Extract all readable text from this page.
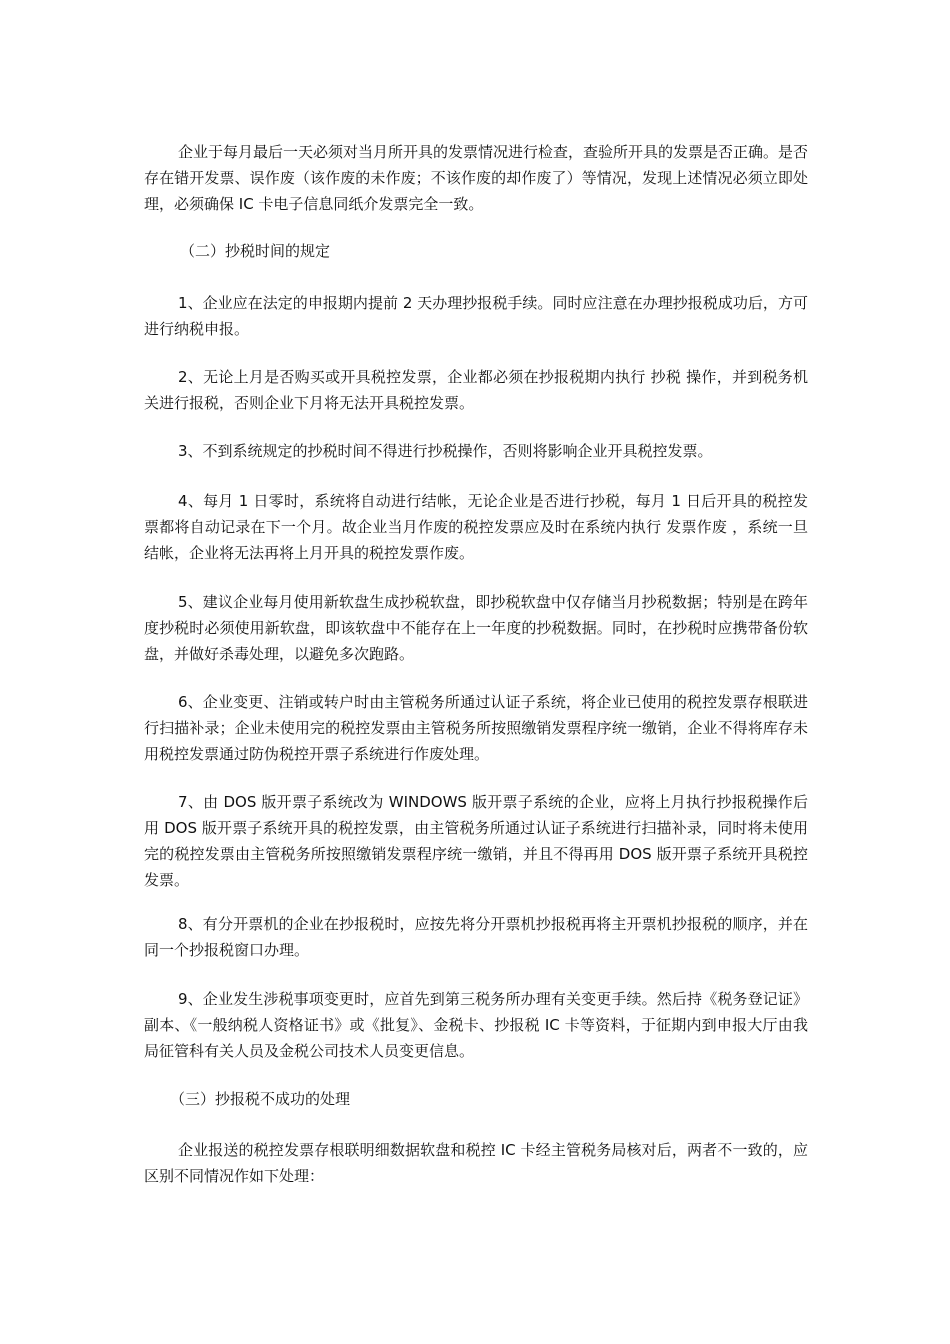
企业于每月最后一天必须对当月所开具的发票情况进行检查，查验所开具的发票是否正确。是否存在错开发票、误作废（该作废的未作废；不该作废的却作废了）等情况，发现上述情况必须立即处理，必须确保 IC 卡电子信息同纸介发票完全一致。

（二）抄税时间的规定

1、企业应在法定的申报期内提前 2 天办理抄报税手续。同时应注意在办理抄报税成功后，方可进行纳税申报。

2、无论上月是否购买或开具税控发票，企业都必须在抄报税期内执行 抄税 操作，并到税务机关进行报税，否则企业下月将无法开具税控发票。

3、不到系统规定的抄税时间不得进行抄税操作，否则将影响企业开具税控发票。

4、每月 1 日零时，系统将自动进行结帐，无论企业是否进行抄税，每月 1 日后开具的税控发票都将自动记录在下一个月。故企业当月作废的税控发票应及时在系统内执行 发票作废 ，系统一旦结帐，企业将无法再将上月开具的税控发票作废。

5、建议企业每月使用新软盘生成抄税软盘，即抄税软盘中仅存储当月抄税数据；特别是在跨年度抄税时必须使用新软盘，即该软盘中不能存在上一年度的抄税数据。同时，在抄税时应携带备份软盘，并做好杀毒处理，以避免多次跑路。

6、企业变更、注销或转户时由主管税务所通过认证子系统，将企业已使用的税控发票存根联进行扫描补录；企业未使用完的税控发票由主管税务所按照缴销发票程序统一缴销，企业不得将库存未用税控发票通过防伪税控开票子系统进行作废处理。

7、由 DOS 版开票子系统改为 WINDOWS 版开票子系统的企业，应将上月执行抄报税操作后用 DOS 版开票子系统开具的税控发票，由主管税务所通过认证子系统进行扫描补录，同时将未使用完的税控发票由主管税务所按照缴销发票程序统一缴销，并且不得再用 DOS 版开票子系统开具税控发票。

8、有分开票机的企业在抄报税时，应按先将分开票机抄报税再将主开票机抄报税的顺序，并在同一个抄报税窗口办理。

9、企业发生涉税事项变更时，应首先到第三税务所办理有关变更手续。然后持《税务登记证》副本、《一般纳税人资格证书》或《批复》、金税卡、抄报税 IC 卡等资料，于征期内到申报大厅由我局征管科有关人员及金税公司技术人员变更信息。

（三）抄报税不成功的处理

企业报送的税控发票存根联明细数据软盘和税控 IC 卡经主管税务局核对后，两者不一致的，应区别不同情况作如下处理：
